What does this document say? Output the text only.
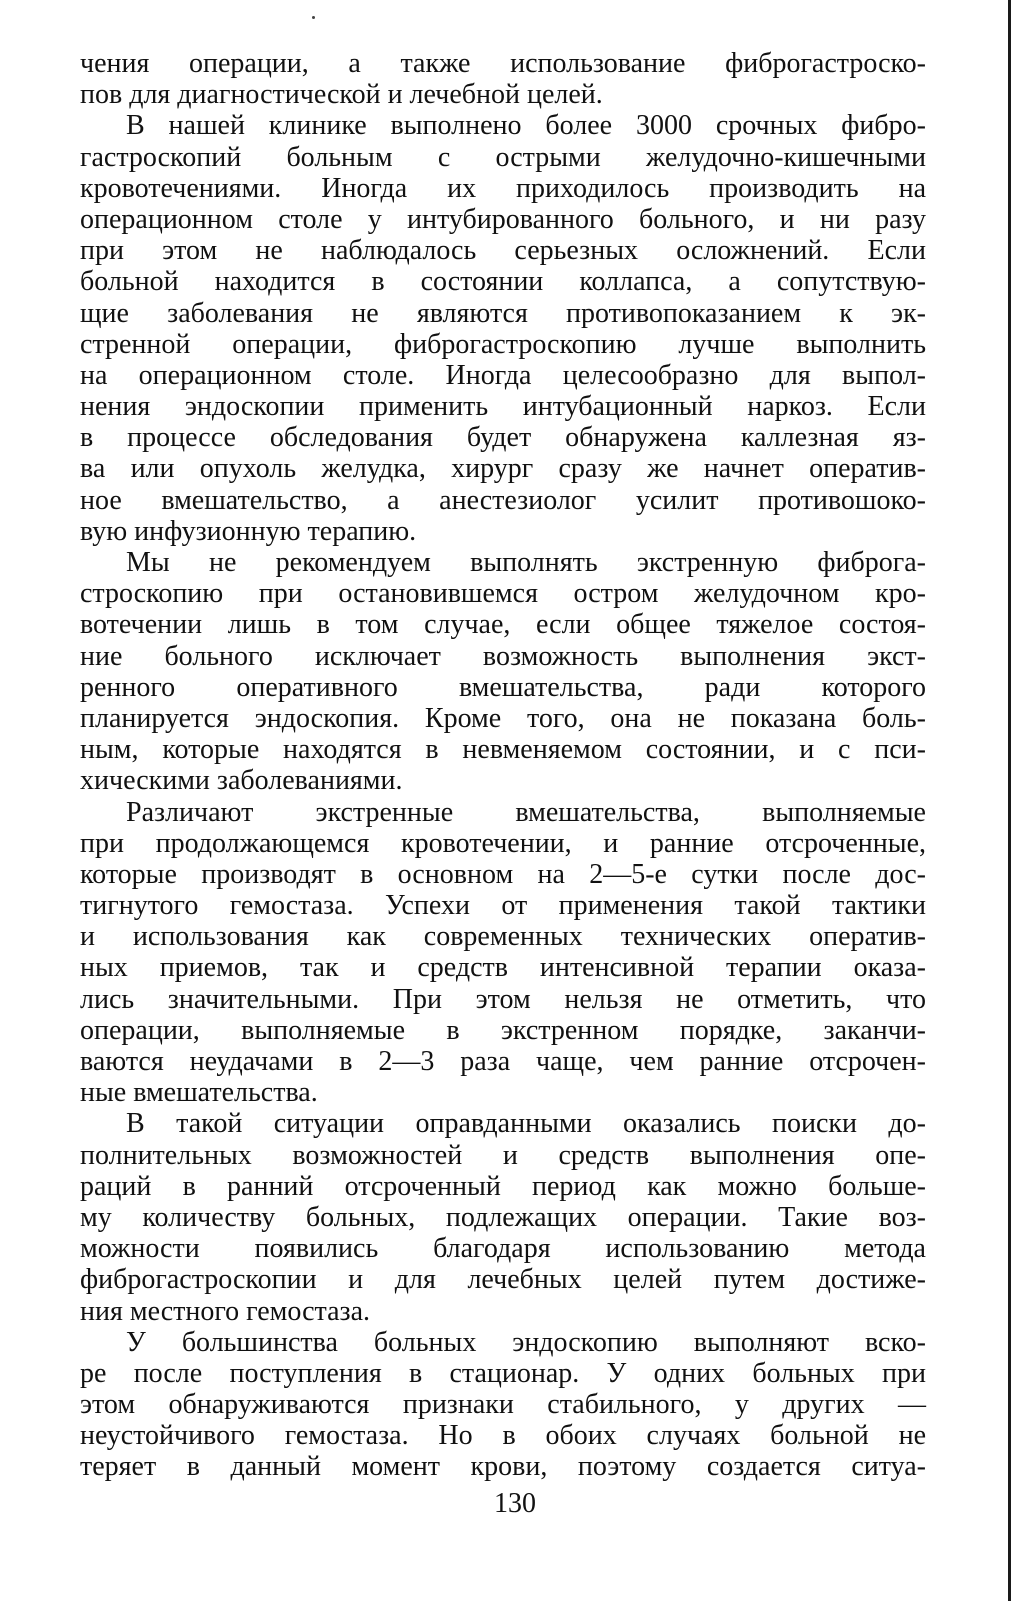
чения операции, а также использование фиброгастроско-
пов для диагностической и лечебной целей.
В нашей клинике выполнено более 3000 срочных фибро-
гастроскопий больным с острыми желудочно-кишечными
кровотечениями. Иногда их приходилось производить на
операционном столе у интубированного больного, и ни разу
при этом не наблюдалось серьезных осложнений. Если
больной находится в состоянии коллапса, а сопутствую-
щие заболевания не являются противопоказанием к эк-
стренной операции, фиброгастроскопию лучше выполнить
на операционном столе. Иногда целесообразно для выпол-
нения эндоскопии применить интубационный наркоз. Если
в процессе обследования будет обнаружена каллезная яз-
ва или опухоль желудка, хирург сразу же начнет оператив-
ное вмешательство, а анестезиолог усилит противошоко-
вую инфузионную терапию.
Мы не рекомендуем выполнять экстренную фиброга-
строскопию при остановившемся остром желудочном кро-
вотечении лишь в том случае, если общее тяжелое состоя-
ние больного исключает возможность выполнения экст-
ренного оперативного вмешательства, ради которого
планируется эндоскопия. Кроме того, она не показана боль-
ным, которые находятся в невменяемом состоянии, и с пси-
хическими заболеваниями.
Различают экстренные вмешательства, выполняемые
при продолжающемся кровотечении, и ранние отсроченные,
которые производят в основном на 2—5-е сутки после дос-
тигнутого гемостаза. Успехи от применения такой тактики
и использования как современных технических оператив-
ных приемов, так и средств интенсивной терапии оказа-
лись значительными. При этом нельзя не отметить, что
операции, выполняемые в экстренном порядке, заканчи-
ваются неудачами в 2—3 раза чаще, чем ранние отсрочен-
ные вмешательства.
В такой ситуации оправданными оказались поиски до-
полнительных возможностей и средств выполнения опе-
раций в ранний отсроченный период как можно больше-
му количеству больных, подлежащих операции. Такие воз-
можности появились благодаря использованию метода
фиброгастроскопии и для лечебных целей путем достиже-
ния местного гемостаза.
У большинства больных эндоскопию выполняют вско-
ре после поступления в стационар. У одних больных при
этом обнаруживаются признаки стабильного, у других —
неустойчивого гемостаза. Но в обоих случаях больной не
теряет в данный момент крови, поэтому создается ситуа-
130
